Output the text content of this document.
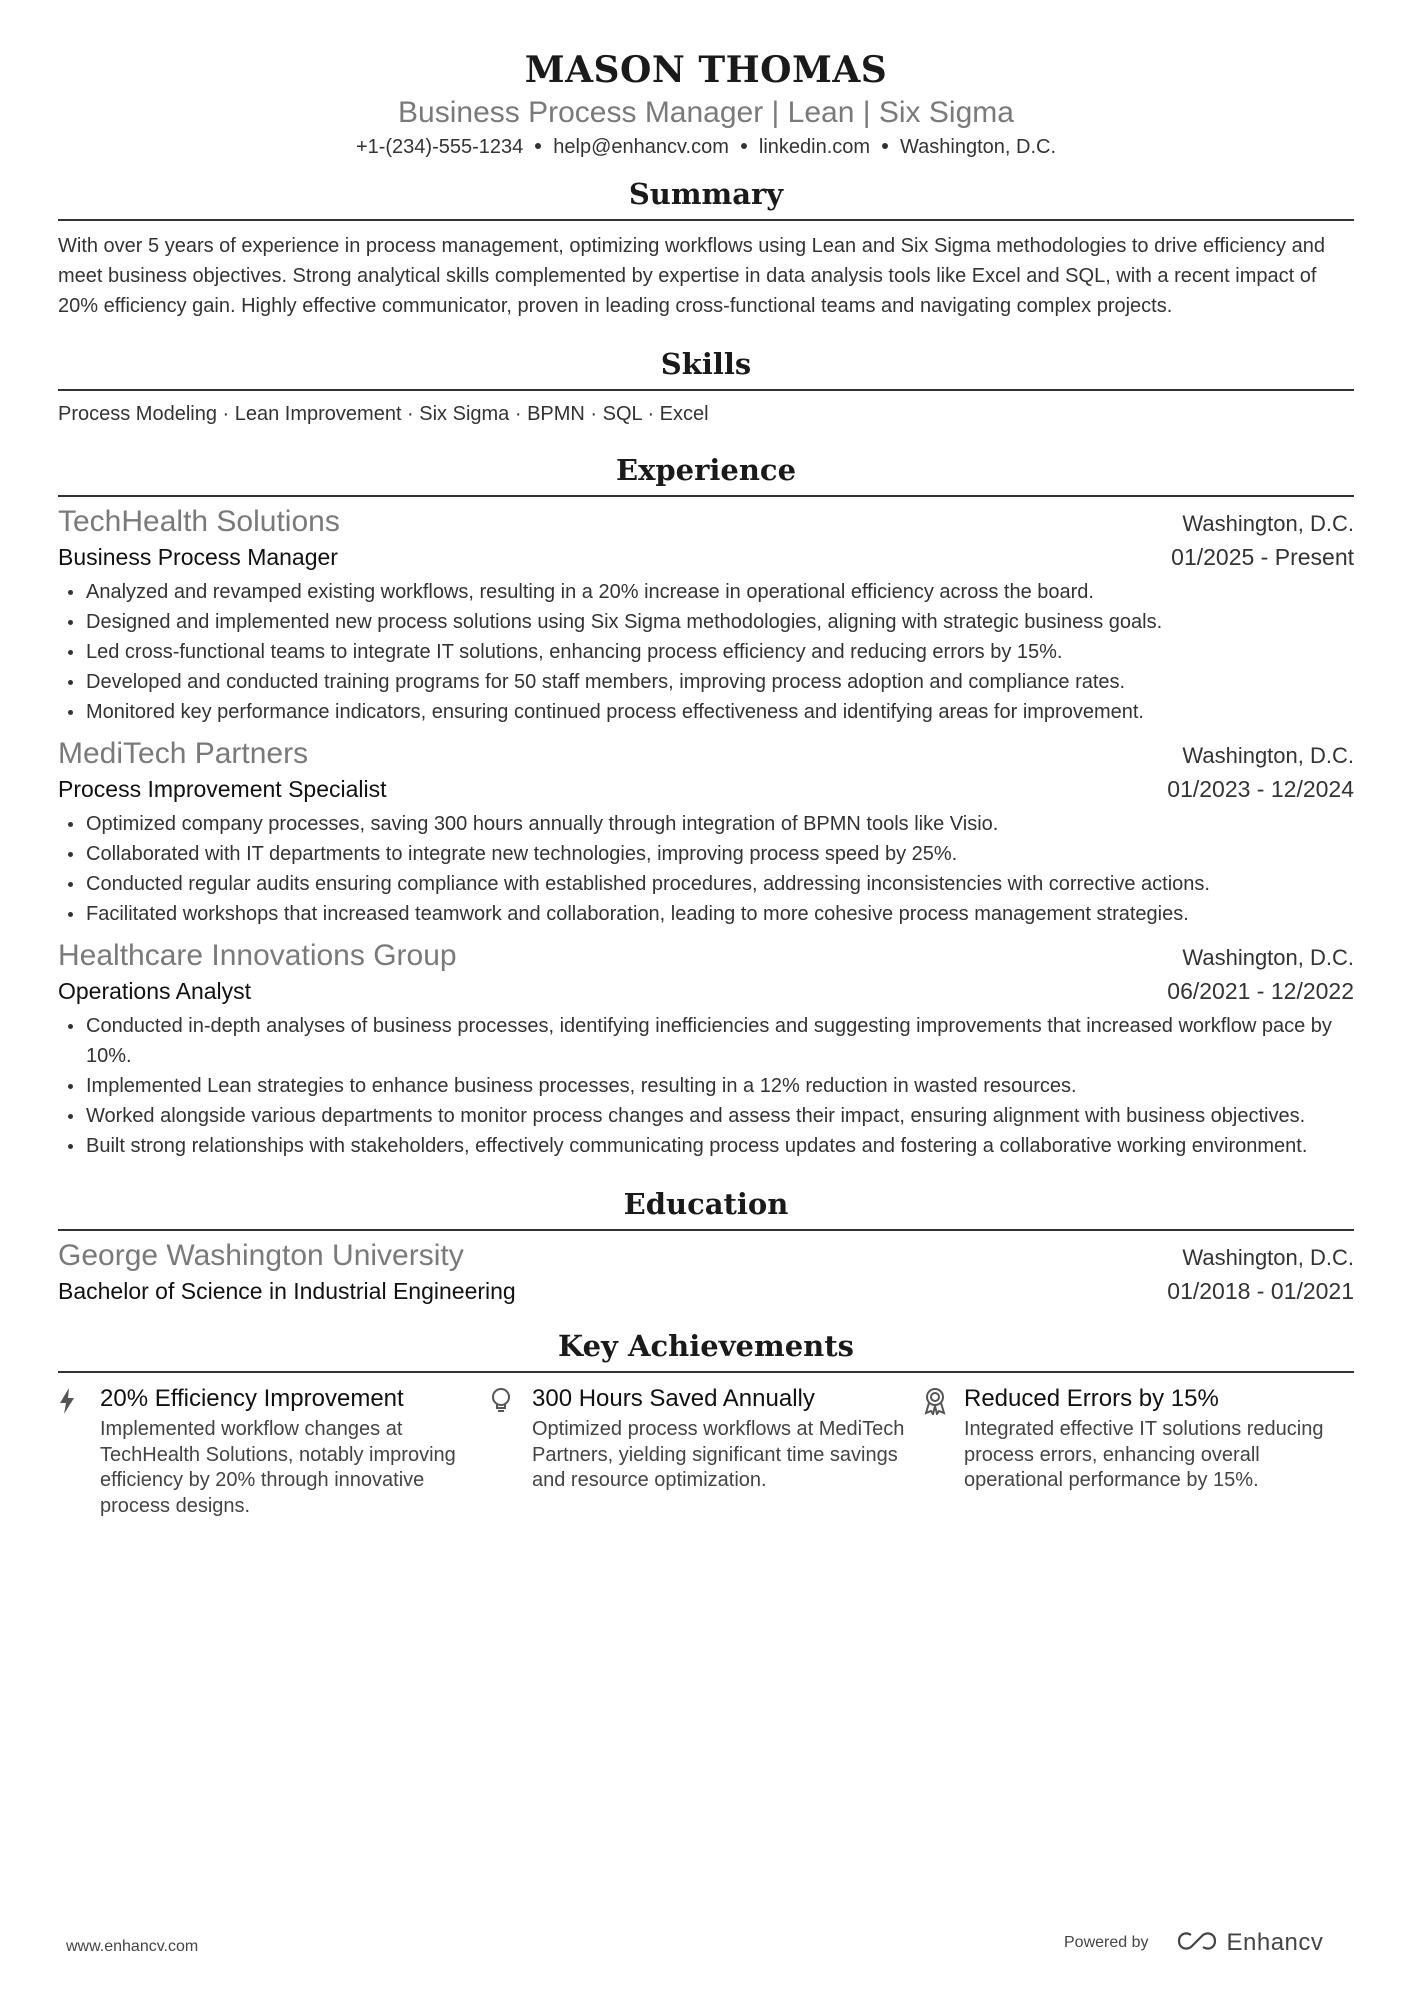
MASON THOMAS
Business Process Manager | Lean | Six Sigma
+1-(234)-555-1234 help@enhancv.com linkedin.com Washington, D.C.
Summary
With over 5 years of experience in process management, optimizing workflows using Lean and Six Sigma methodologies to drive efficiency and meet business objectives. Strong analytical skills complemented by expertise in data analysis tools like Excel and SQL, with a recent impact of 20% efficiency gain. Highly effective communicator, proven in leading cross-functional teams and navigating complex projects.
Skills
Process Modeling · Lean Improvement · Six Sigma · BPMN · SQL · Excel
Experience
TechHealth Solutions	Washington, D.C.
Business Process Manager	01/2025 - Present
Analyzed and revamped existing workflows, resulting in a 20% increase in operational efficiency across the board.
Designed and implemented new process solutions using Six Sigma methodologies, aligning with strategic business goals.
Led cross-functional teams to integrate IT solutions, enhancing process efficiency and reducing errors by 15%.
Developed and conducted training programs for 50 staff members, improving process adoption and compliance rates.
Monitored key performance indicators, ensuring continued process effectiveness and identifying areas for improvement.
MediTech Partners	Washington, D.C.
Process Improvement Specialist	01/2023 - 12/2024
Optimized company processes, saving 300 hours annually through integration of BPMN tools like Visio.
Collaborated with IT departments to integrate new technologies, improving process speed by 25%.
Conducted regular audits ensuring compliance with established procedures, addressing inconsistencies with corrective actions.
Facilitated workshops that increased teamwork and collaboration, leading to more cohesive process management strategies.
Healthcare Innovations Group	Washington, D.C.
Operations Analyst	06/2021 - 12/2022
Conducted in-depth analyses of business processes, identifying inefficiencies and suggesting improvements that increased workflow pace by 10%.
Implemented Lean strategies to enhance business processes, resulting in a 12% reduction in wasted resources.
Worked alongside various departments to monitor process changes and assess their impact, ensuring alignment with business objectives.
Built strong relationships with stakeholders, effectively communicating process updates and fostering a collaborative working environment.
Education
George Washington University	Washington, D.C.
Bachelor of Science in Industrial Engineering	01/2018 - 01/2021
Key Achievements
20% Efficiency Improvement
Implemented workflow changes at TechHealth Solutions, notably improving efficiency by 20% through innovative process designs.
300 Hours Saved Annually
Optimized process workflows at MediTech Partners, yielding significant time savings and resource optimization.
Reduced Errors by 15%
Integrated effective IT solutions reducing process errors, enhancing overall operational performance by 15%.
www.enhancv.com	Powered by	Enhancv
